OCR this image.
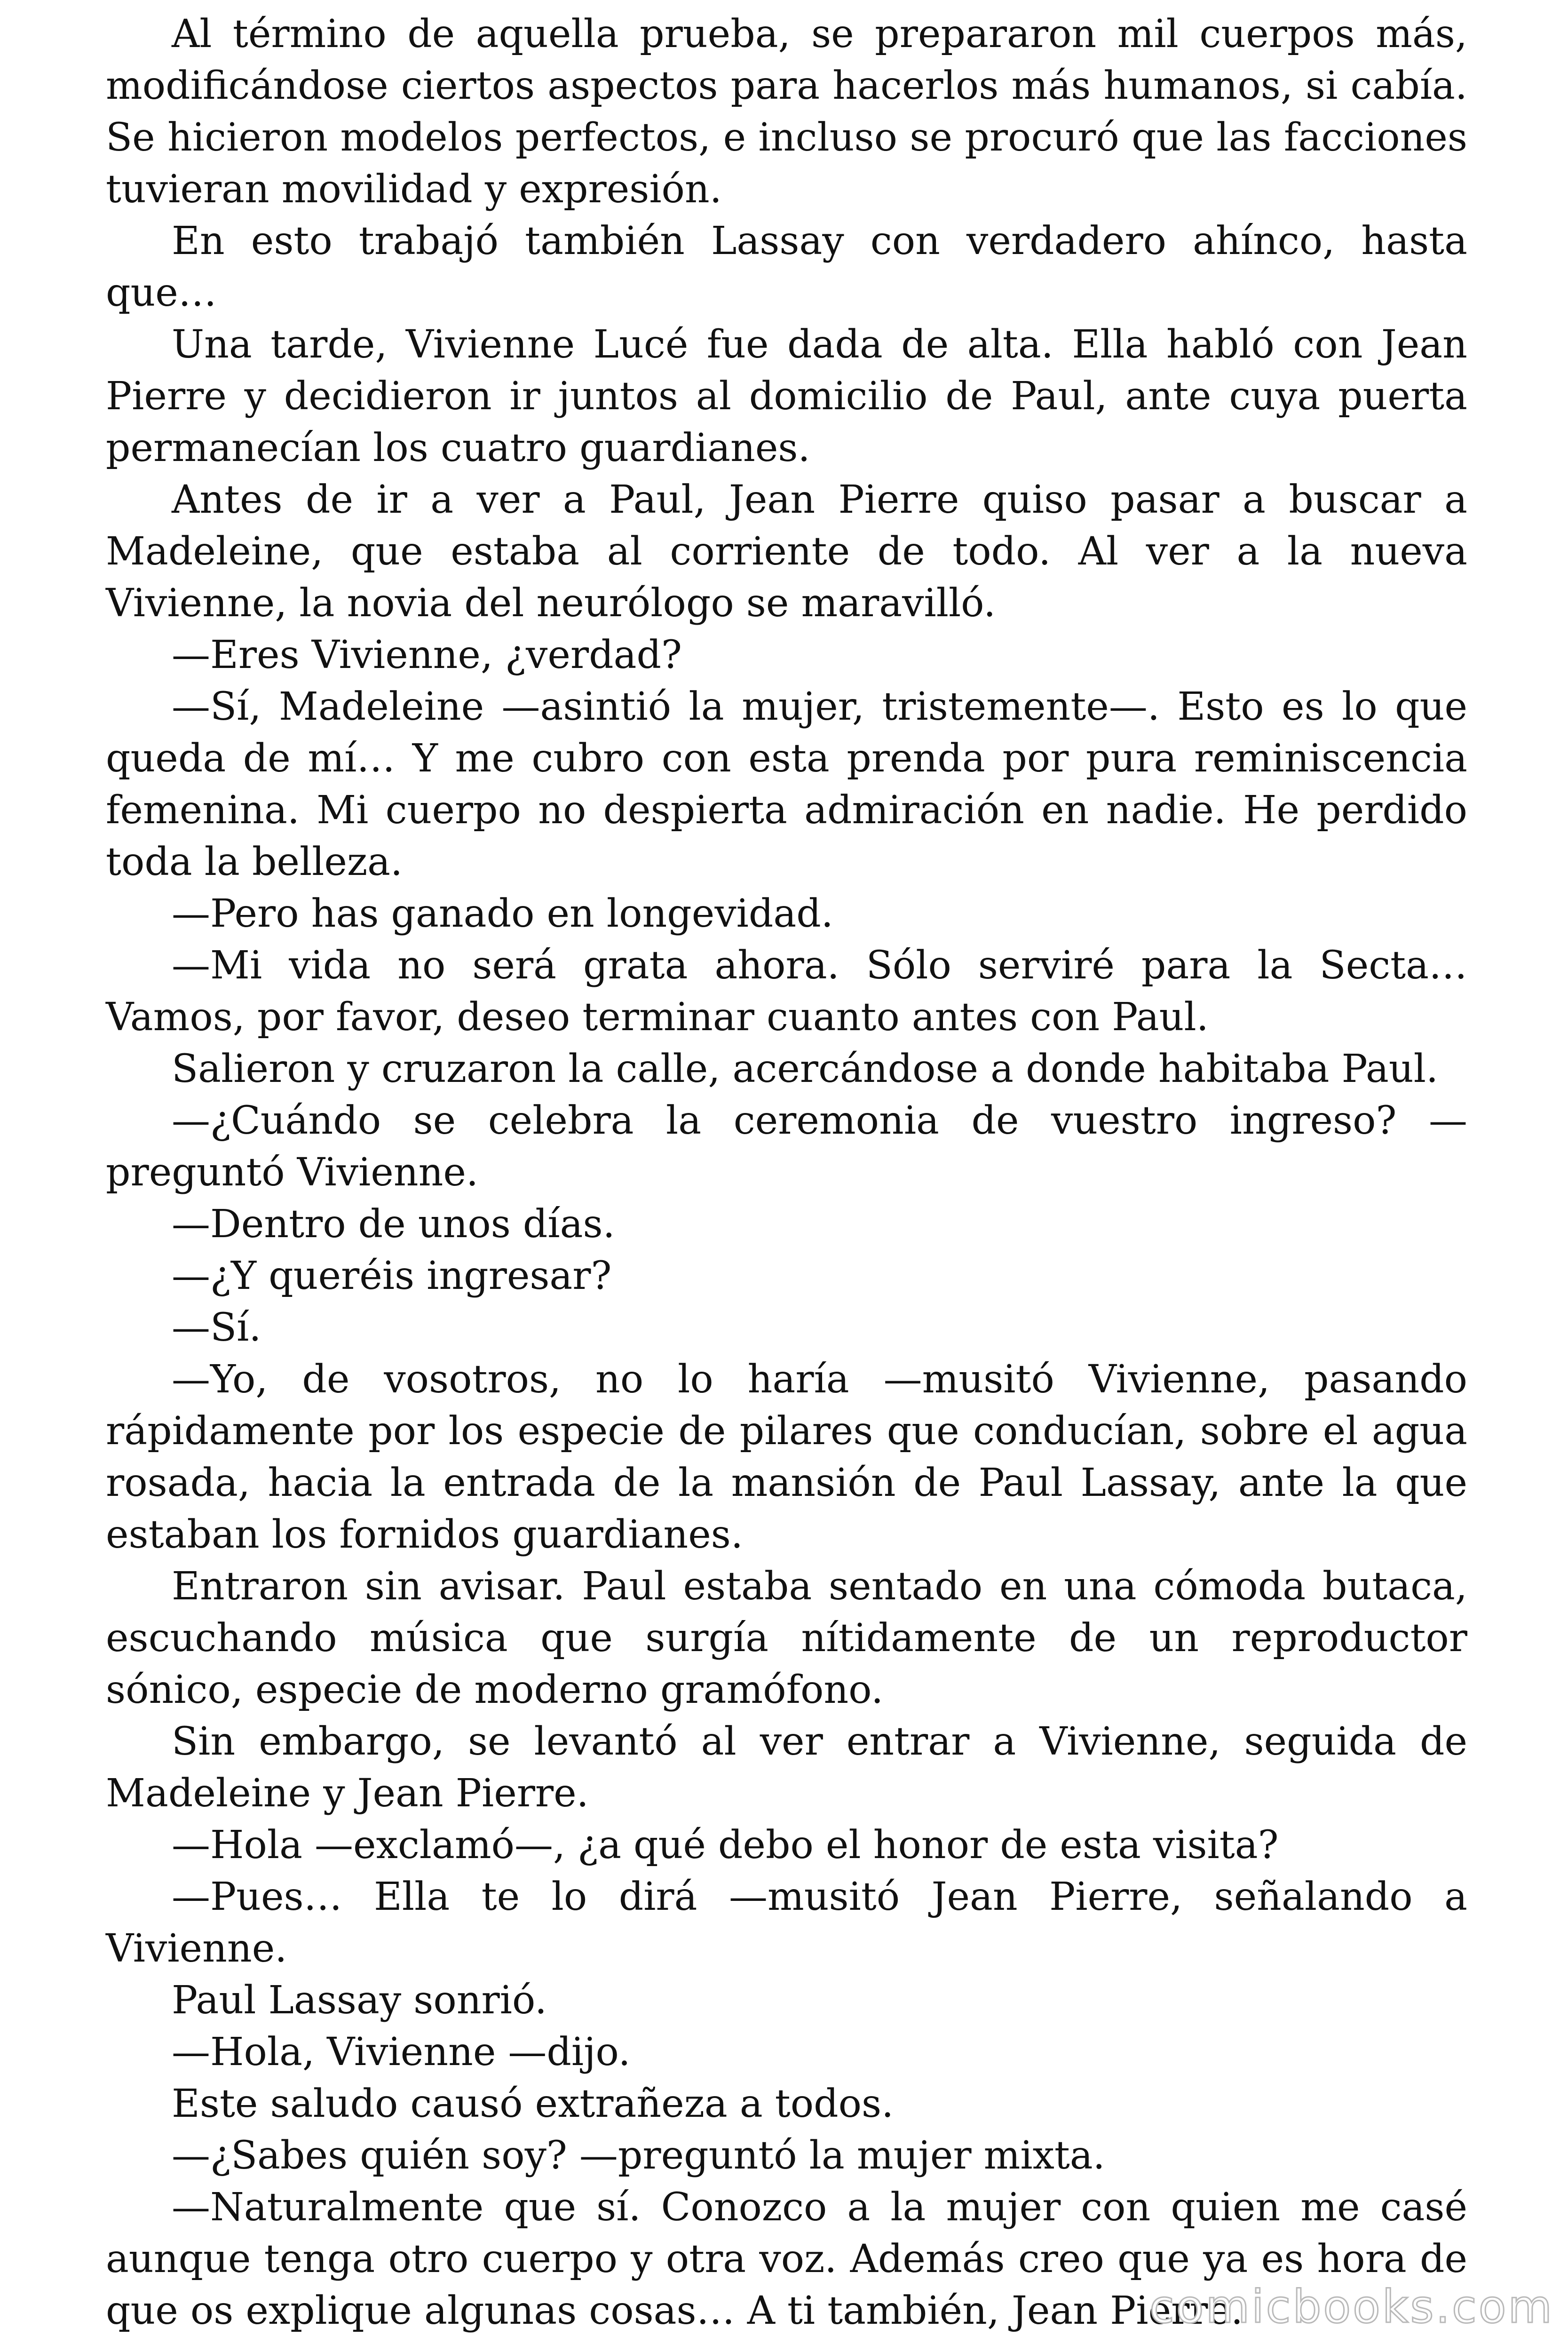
Al término de aquella prueba, se prepararon mil cuerpos más, modificándose ciertos aspectos para hacerlos más humanos, si cabía. Se hicieron modelos perfectos, e incluso se procuró que las facciones tuvieran movilidad y expresión.

En esto trabajó también Lassay con verdadero ahínco, hasta que…

Una tarde, Vivienne Lucé fue dada de alta. Ella habló con Jean Pierre y decidieron ir juntos al domicilio de Paul, ante cuya puerta permanecían los cuatro guardianes.

Antes de ir a ver a Paul, Jean Pierre quiso pasar a buscar a Madeleine, que estaba al corriente de todo. Al ver a la nueva Vivienne, la novia del neurólogo se maravilló.

—Eres Vivienne, ¿verdad?

—Sí, Madeleine —asintió la mujer, tristemente—. Esto es lo que queda de mí… Y me cubro con esta prenda por pura reminiscencia femenina. Mi cuerpo no despierta admiración en nadie. He perdido toda la belleza.

—Pero has ganado en longevidad.

—Mi vida no será grata ahora. Sólo serviré para la Secta… Vamos, por favor, deseo terminar cuanto antes con Paul.

Salieron y cruzaron la calle, acercándose a donde habitaba Paul.

—¿Cuándo se celebra la ceremonia de vuestro ingreso? —preguntó Vivienne.

—Dentro de unos días.

—¿Y queréis ingresar?

—Sí.

—Yo, de vosotros, no lo haría —musitó Vivienne, pasando rápidamente por los especie de pilares que conducían, sobre el agua rosada, hacia la entrada de la mansión de Paul Lassay, ante la que estaban los fornidos guardianes.

Entraron sin avisar. Paul estaba sentado en una cómoda butaca, escuchando música que surgía nítidamente de un reproductor sónico, especie de moderno gramófono.

Sin embargo, se levantó al ver entrar a Vivienne, seguida de Madeleine y Jean Pierre.

—Hola —exclamó—, ¿a qué debo el honor de esta visita?

—Pues… Ella te lo dirá —musitó Jean Pierre, señalando a Vivienne.

Paul Lassay sonrió.

—Hola, Vivienne —dijo.

Este saludo causó extrañeza a todos.

—¿Sabes quién soy? —preguntó la mujer mixta.

—Naturalmente que sí. Conozco a la mujer con quien me casé aunque tenga otro cuerpo y otra voz. Además creo que ya es hora de que os explique algunas cosas… A ti también, Jean Pierre.

comicbooks.com
